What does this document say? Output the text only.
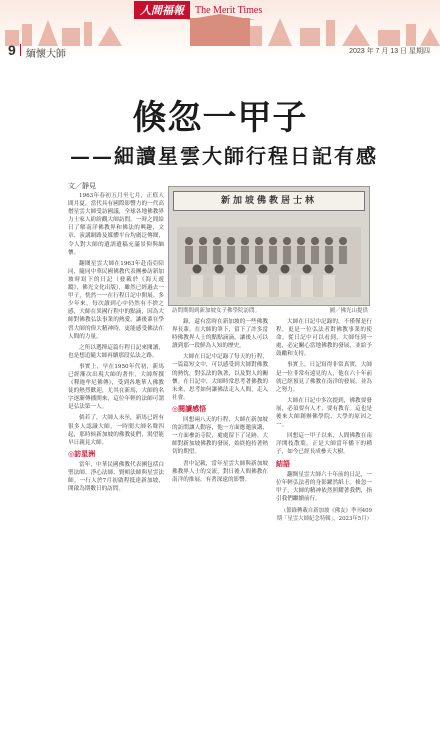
人間福報	The Merit Times
9 緬懷大師	2023 年 7 月 13 日 星期四
倏忽一甲子
——細讀星雲大師行程日記有感
文／靜見
新加坡佛教居士林
訪問期間到新加坡女子佛學院訪問。	圖／佛光山提供

1963年春初五月至七月，正值人間月夏，當代具有國際影響力的一代高僧星雲大師受訪國議，全球各地佛教界力士家人紛紛觀大師訪問。一時之間給日了解南洋佛教界和佛法的興趣，文章、演講網路及媒體平台均廣泛傳閱，令人對大師的遺訓遺稿充滿景仰與緬懷。

翻閱星雲大師在1963年赴南亞陪同，隨同中華民國佛教代表團參訪新加坡時寫下的日記（發載於《海天遊蹤》，佛光文化出版），雖然已經過去一甲子，恍然一一在行程日記中開展。多少年來，每次讀到心中仍然有不捨之感，大師在異國行程中的點滴，因為大師對佛教弘法事業的熱愛，讓後輩在學習大師的偉大精神時，更能感受佛法在人間的力量。

之所以選擇這篇行程日記來閱讀，也是想追隨大師再續那段弘法之路。

事實上，早在1950年代初，新馬已經漸次出現大師的著作，大師所撰《釋迦牟尼佛傳》，受到各地華人佛教徒的熱烈歡迎，尤其在新馬，大師的名字逐漸傳播開來，這位年輕的法師可謂是弘法第一人。

倘若了，大師人未至，新馬已經有很多人認識大師，一時間大師名聲四起，那時候新加坡的佛教徒們，渴望能早日親見大師。

◎訪星洲

當年，中華民國佛教代表團包括白聖法師、淨心法師、賢頓法師與星雲法師。一行人於7月初啟程抵達新加坡，開啟為期數日的訪問。

錄，還有當時在新加坡的一些佛教界長輩。在大師的筆下，留下了許多當時佛教界人士的點點滴滴，讓後人可以讀到那一段鮮為人知的歷史。

大師在日記中記錄了每天的行程，一篇篇短文中，可以感受到大師對佛教的熱忱，對弘法的執著，以及對人的關懷。在日記中，大師時常思考著佛教的未來，思考如何讓佛法走入人間，走入社會。

◎閱讀感悟

回想兩八天的行程，大師在新加坡的訪問讓人動容，他一方面應邀演講，一方面參訪寺院，處處留下了足跡。大師對新加坡佛教的發展，始終抱持著熱切的期望。

書中記載，當年星雲大師與新加坡佛教界人士的交流，對日後人間佛教在南洋的推展，有著深遠的影響。

大師在日記中記錄的，不僅僅是行程，更是一位弘法者對佛教事業的使命。從日記中可以看到，大師每到一處，必定關心當地佛教的發展，並給予鼓勵和支持。

事實上，日記寫得非常真實，大師是一位非常有遠見的人，他在六十年前就已經預見了佛教在南洋的發展，並為之努力。

大師在日記中多次提到，佛教要發展，必須要有人才，要有教育。這也是後來大師創辦佛學院、大學的原因之一。

回想這一甲子以來，人間佛教在南洋開枝散葉，正是大師當年播下的種子，如今已經長成參天大樹。

結語

翻閱星雲大師六十年前的日記，一位年輕弘法者的身影躍然紙上。倏忽一甲子，大師的精神依然照耀著我們，指引我們繼續前行。

（節錄轉載自新加坡《佛友》季刊409期「星雲大師紀念特輯」，2023年5月）
